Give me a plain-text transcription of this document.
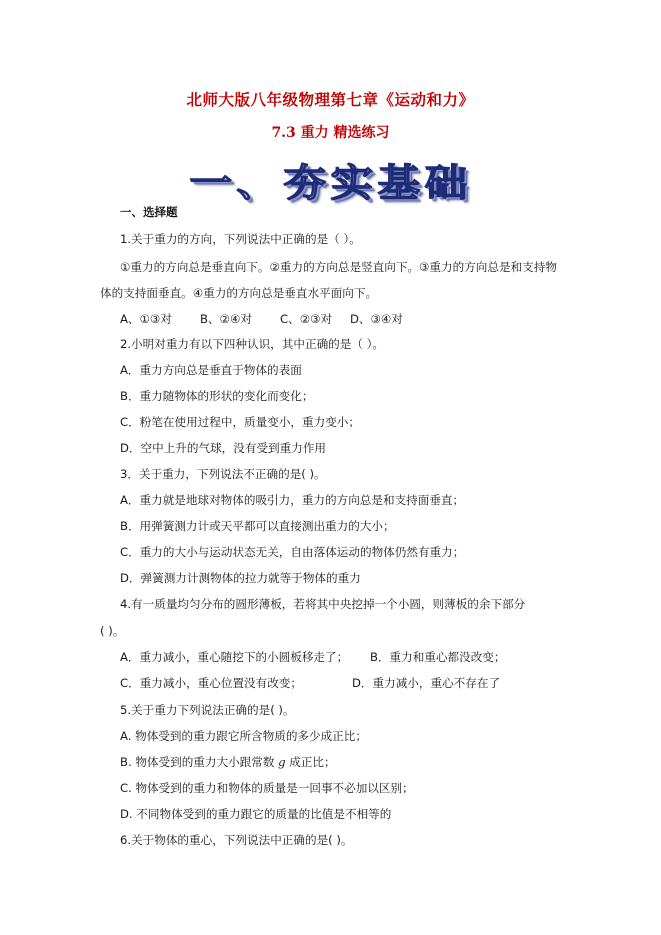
北师大版八年级物理第七章《运动和力》
7.3 重力 精选练习
一、夯实基础
一、选择题
1.关于重力的方向，下列说法中正确的是（ ）。
①重力的方向总是垂直向下。②重力的方向总是竖直向下。③重力的方向总是和支持物
体的支持面垂直。④重力的方向总是垂直水平面向下。
A、①③对 B、②④对 C、②③对 D、③④对
2.小明对重力有以下四种认识，其中正确的是（ ）。
A．重力方向总是垂直于物体的表面
B．重力随物体的形状的变化而变化；
C．粉笔在使用过程中，质量变小，重力变小；
D．空中上升的气球，没有受到重力作用
3．关于重力，下列说法不正确的是( )。
A．重力就是地球对物体的吸引力，重力的方向总是和支持面垂直；
B．用弹簧测力计或天平都可以直接测出重力的大小；
C．重力的大小与运动状态无关，自由落体运动的物体仍然有重力；
D．弹簧测力计测物体的拉力就等于物体的重力
4.有一质量均匀分布的圆形薄板，若将其中央挖掉一个小圆，则薄板的余下部分
( )。
A．重力减小，重心随挖下的小圆板移走了； B．重力和重心都没改变；
C．重力减小，重心位置没有改变；	D．重力减小，重心不存在了
5.关于重力下列说法正确的是( )。
A. 物体受到的重力跟它所含物质的多少成正比；
B. 物体受到的重力大小跟常数 g 成正比；
C. 物体受到的重力和物体的质量是一回事不必加以区别；
D. 不同物体受到的重力跟它的质量的比值是不相等的
6.关于物体的重心，下列说法中正确的是( )。
